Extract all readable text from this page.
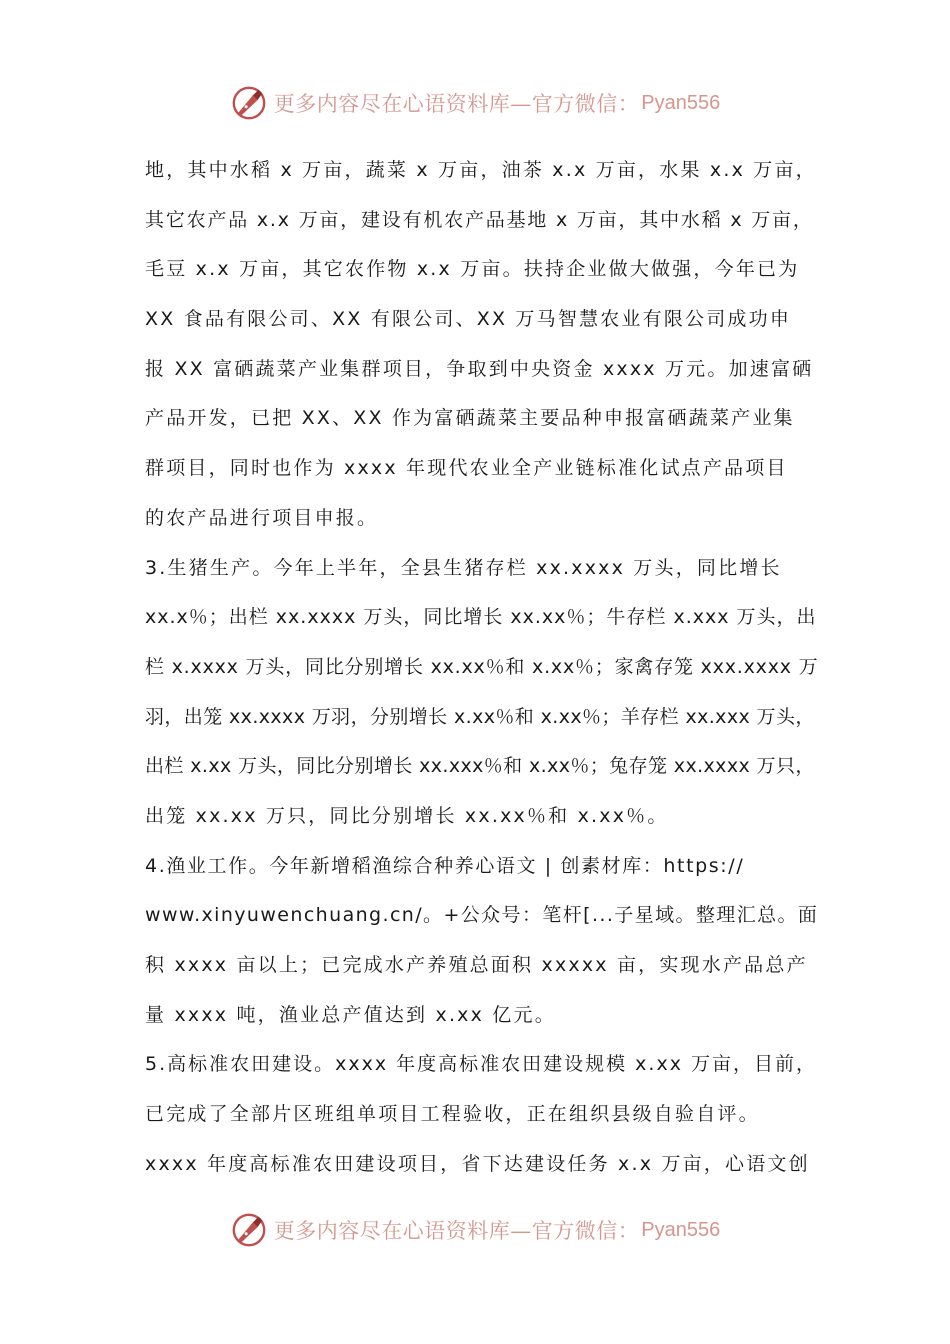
更多内容尽在心语资料库—官方微信： Pyan556
地，其中水稻 x 万亩，蔬菜 x 万亩，油茶 x.x 万亩，水果 x.x 万亩，
其它农产品 x.x 万亩，建设有机农产品基地 x 万亩，其中水稻 x 万亩，
毛豆 x.x 万亩，其它农作物 x.x 万亩。扶持企业做大做强，今年已为
XX 食品有限公司、XX 有限公司、XX 万马智慧农业有限公司成功申
报 XX 富硒蔬菜产业集群项目，争取到中央资金 xxxx 万元。加速富硒
产品开发，已把 XX、XX 作为富硒蔬菜主要品种申报富硒蔬菜产业集
群项目，同时也作为 xxxx 年现代农业全产业链标准化试点产品项目
的农产品进行项目申报。
3.生猪生产。今年上半年，全县生猪存栏 xx.xxxx 万头，同比增长
xx.x％；出栏 xx.xxxx 万头，同比增长 xx.xx％；牛存栏 x.xxx 万头，出
栏 x.xxxx 万头，同比分别增长 xx.xx％和 x.xx％；家禽存笼 xxx.xxxx 万
羽，出笼 xx.xxxx 万羽，分别增长 x.xx％和 x.xx％；羊存栏 xx.xxx 万头，
出栏 x.xx 万头，同比分别增长 xx.xxx％和 x.xx％；兔存笼 xx.xxxx 万只，
出笼 xx.xx 万只，同比分别增长 xx.xx％和 x.xx％。
4.渔业工作。今年新增稻渔综合种养心语文 | 创素材库：https://
www.xinyuwenchuang.cn/。+公众号：笔杆[...子星域。整理汇总。面
积 xxxx 亩以上；已完成水产养殖总面积 xxxxx 亩，实现水产品总产
量 xxxx 吨，渔业总产值达到 x.xx 亿元。
5.高标准农田建设。xxxx 年度高标准农田建设规模 x.xx 万亩，目前，
已完成了全部片区班组单项目工程验收，正在组织县级自验自评。
xxxx 年度高标准农田建设项目，省下达建设任务 x.x 万亩，心语文创
更多内容尽在心语资料库—官方微信： Pyan556
